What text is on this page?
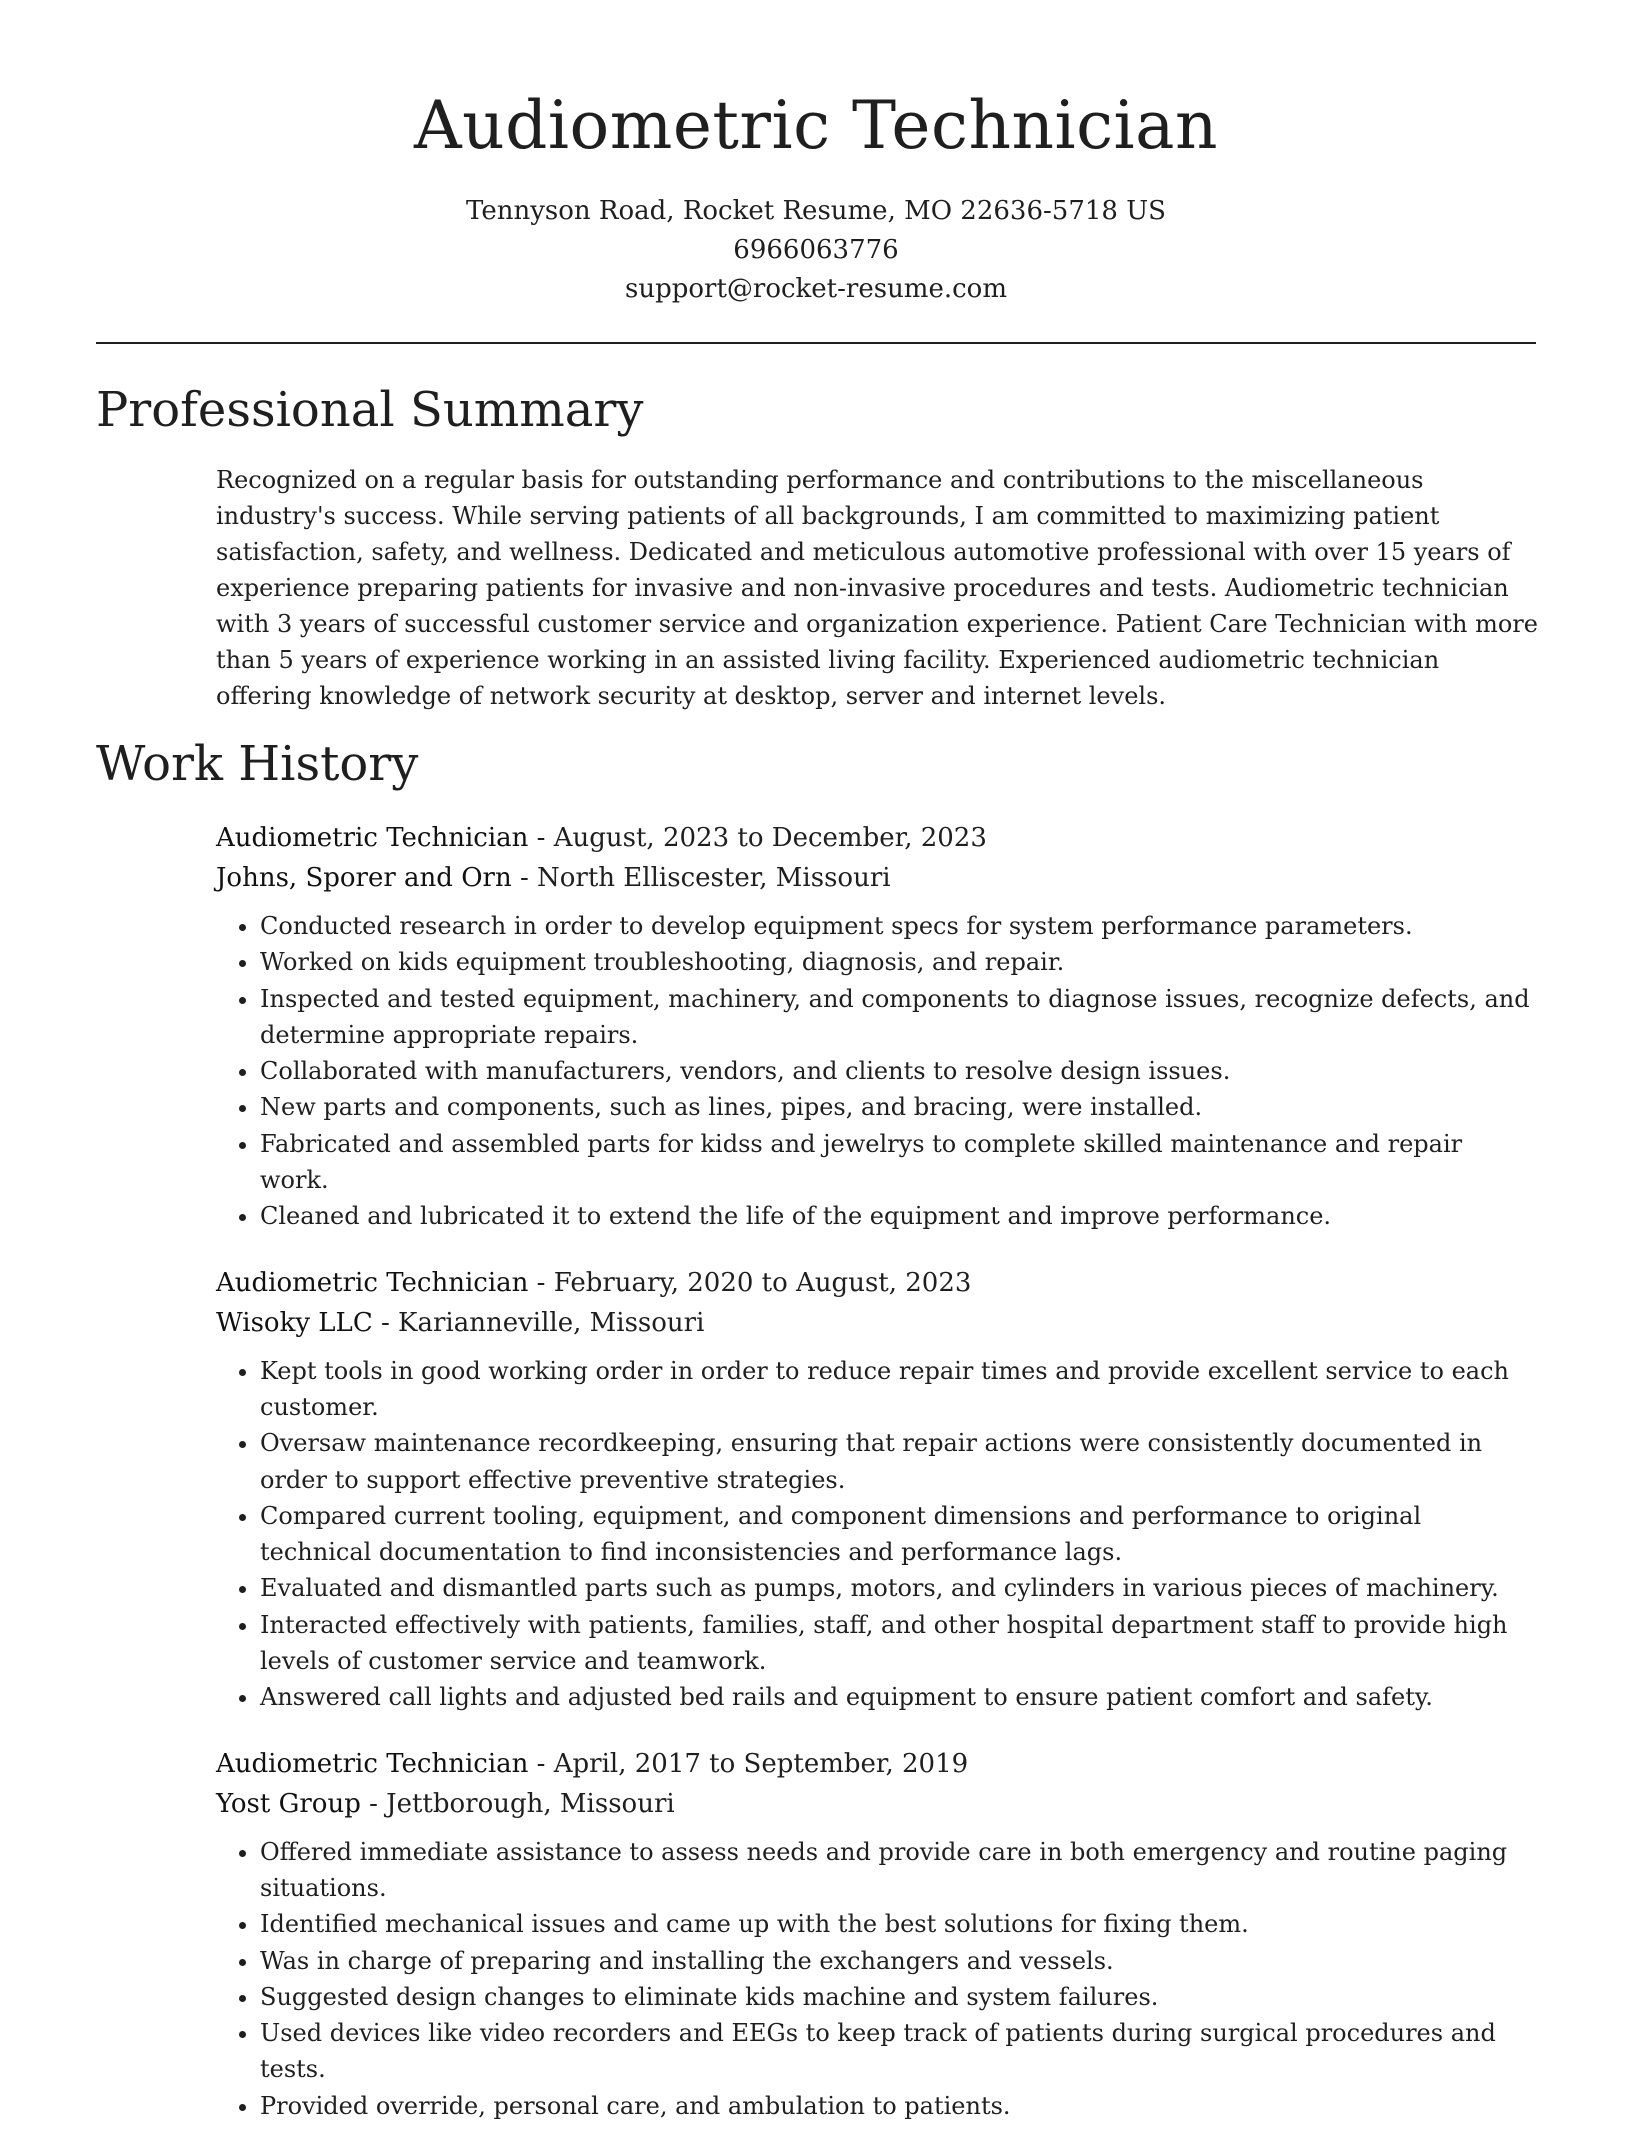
Audiometric Technician
Tennyson Road, Rocket Resume, MO 22636-5718 US
6966063776
support@rocket-resume.com
Professional Summary

Recognized on a regular basis for outstanding performance and contributions to the miscellaneous industry's success. While serving patients of all backgrounds, I am committed to maximizing patient satisfaction, safety, and wellness. Dedicated and meticulous automotive professional with over 15 years of experience preparing patients for invasive and non-invasive procedures and tests. Audiometric technician with 3 years of successful customer service and organization experience. Patient Care Technician with more than 5 years of experience working in an assisted living facility. Experienced audiometric technician offering knowledge of network security at desktop, server and internet levels.

Work History
Audiometric Technician - August, 2023 to December, 2023
Johns, Sporer and Orn - North Elliscester, Missouri
• Conducted research in order to develop equipment specs for system performance parameters.
• Worked on kids equipment troubleshooting, diagnosis, and repair.
• Inspected and tested equipment, machinery, and components to diagnose issues, recognize defects, and determine appropriate repairs.
• Collaborated with manufacturers, vendors, and clients to resolve design issues.
• New parts and components, such as lines, pipes, and bracing, were installed.
• Fabricated and assembled parts for kidss and jewelrys to complete skilled maintenance and repair work.
• Cleaned and lubricated it to extend the life of the equipment and improve performance.
Audiometric Technician - February, 2020 to August, 2023
Wisoky LLC - Karianneville, Missouri
• Kept tools in good working order in order to reduce repair times and provide excellent service to each customer.
• Oversaw maintenance recordkeeping, ensuring that repair actions were consistently documented in order to support effective preventive strategies.
• Compared current tooling, equipment, and component dimensions and performance to original technical documentation to find inconsistencies and performance lags.
• Evaluated and dismantled parts such as pumps, motors, and cylinders in various pieces of machinery.
• Interacted effectively with patients, families, staff, and other hospital department staff to provide high levels of customer service and teamwork.
• Answered call lights and adjusted bed rails and equipment to ensure patient comfort and safety.
Audiometric Technician - April, 2017 to September, 2019
Yost Group - Jettborough, Missouri
• Offered immediate assistance to assess needs and provide care in both emergency and routine paging situations.
• Identified mechanical issues and came up with the best solutions for fixing them.
• Was in charge of preparing and installing the exchangers and vessels.
• Suggested design changes to eliminate kids machine and system failures.
• Used devices like video recorders and EEGs to keep track of patients during surgical procedures and tests.
• Provided override, personal care, and ambulation to patients.
